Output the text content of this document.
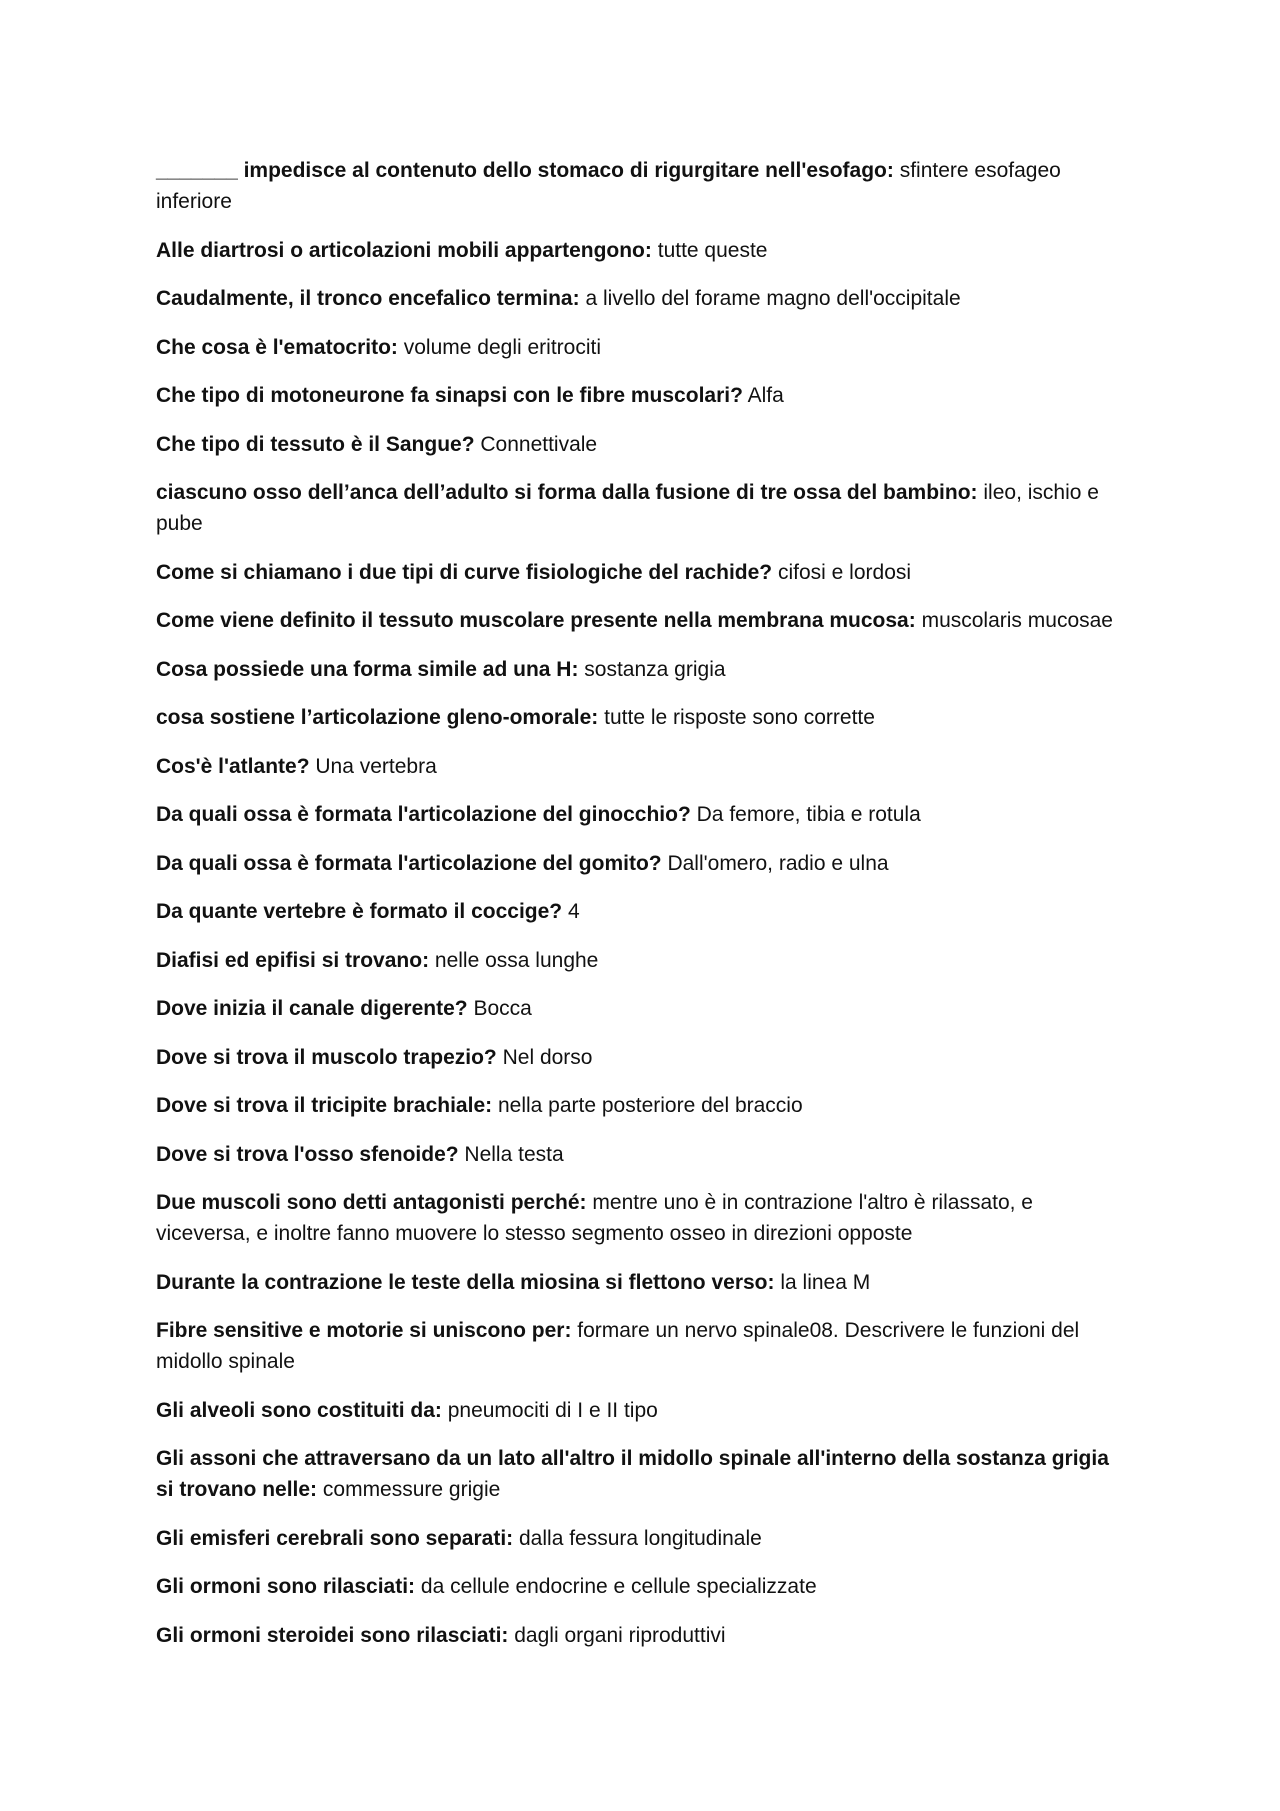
_______ impedisce al contenuto dello stomaco di rigurgitare nell'esofago: sfintere esofageo inferiore

Alle diartrosi o articolazioni mobili appartengono: tutte queste

Caudalmente, il tronco encefalico termina: a livello del forame magno dell'occipitale

Che cosa è l'ematocrito: volume degli eritrociti

Che tipo di motoneurone fa sinapsi con le fibre muscolari? Alfa

Che tipo di tessuto è il Sangue? Connettivale

ciascuno osso dell’anca dell’adulto si forma dalla fusione di tre ossa del bambino: ileo, ischio e pube

Come si chiamano i due tipi di curve fisiologiche del rachide? cifosi e lordosi

Come viene definito il tessuto muscolare presente nella membrana mucosa: muscolaris mucosae

Cosa possiede una forma simile ad una H: sostanza grigia

cosa sostiene l’articolazione gleno-omorale: tutte le risposte sono corrette

Cos'è l'atlante? Una vertebra

Da quali ossa è formata l'articolazione del ginocchio? Da femore, tibia e rotula

Da quali ossa è formata l'articolazione del gomito? Dall'omero, radio e ulna

Da quante vertebre è formato il coccige? 4

Diafisi ed epifisi si trovano: nelle ossa lunghe

Dove inizia il canale digerente? Bocca

Dove si trova il muscolo trapezio? Nel dorso

Dove si trova il tricipite brachiale: nella parte posteriore del braccio

Dove si trova l'osso sfenoide? Nella testa

Due muscoli sono detti antagonisti perché: mentre uno è in contrazione l'altro è rilassato, e viceversa, e inoltre fanno muovere lo stesso segmento osseo in direzioni opposte

Durante la contrazione le teste della miosina si flettono verso: la linea M

Fibre sensitive e motorie si uniscono per: formare un nervo spinale08. Descrivere le funzioni del midollo spinale

Gli alveoli sono costituiti da: pneumociti di I e II tipo

Gli assoni che attraversano da un lato all'altro il midollo spinale all'interno della sostanza grigia si trovano nelle: commessure grigie

Gli emisferi cerebrali sono separati: dalla fessura longitudinale

Gli ormoni sono rilasciati: da cellule endocrine e cellule specializzate

Gli ormoni steroidei sono rilasciati: dagli organi riproduttivi
